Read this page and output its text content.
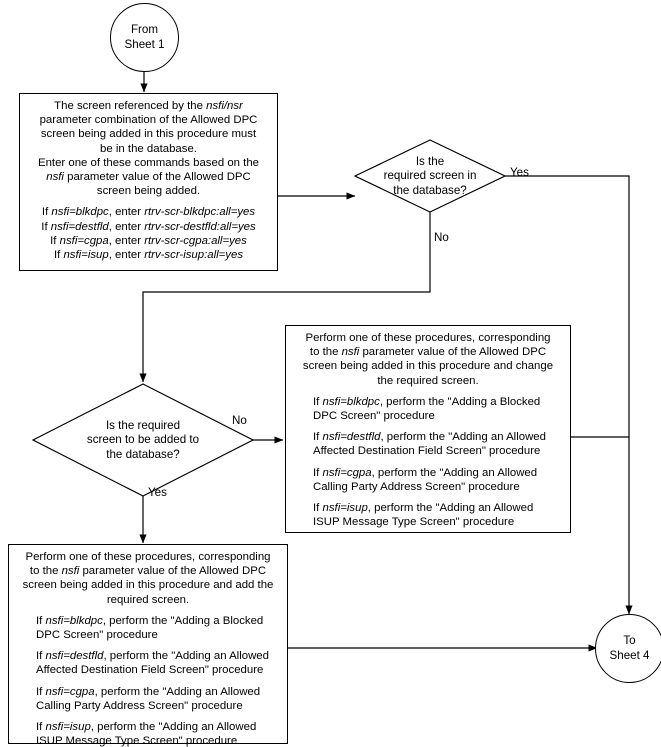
From
Sheet 1

The screen referenced by the nsfi/nsr

parameter combination of the Allowed DPC

screen being added in this procedure must

be in the database.

Enter one of these commands based on the

nsfi parameter value of the Allowed DPC

screen being added.

If nsfi=blkdpc, enter rtrv-scr-blkdpc:all=yes

If nsfi=destfld, enter rtrv-scr-destfld:all=yes

If nsfi=cgpa, enter rtrv-scr-cgpa:all=yes

If nsfi=isup, enter rtrv-scr-isup:all=yes

Is the
required screen in
the database?
Yes
No
Is the required
screen to be added to
the database?
No
Yes

Perform one of these procedures, corresponding

to the nsfi parameter value of the Allowed DPC

screen being added in this procedure and change

the required screen.

If nsfi=blkdpc, perform the "Adding a Blocked DPC Screen" procedure

If nsfi=destfld, perform the "Adding an Allowed Affected Destination Field Screen" procedure

If nsfi=cgpa, perform the "Adding an Allowed Calling Party Address Screen" procedure

If nsfi=isup, perform the "Adding an Allowed ISUP Message Type Screen" procedure

Perform one of these procedures, corresponding

to the nsfi parameter value of the Allowed DPC

screen being added in this procedure and add the

required screen.

If nsfi=blkdpc, perform the "Adding a Blocked DPC Screen" procedure

If nsfi=destfld, perform the "Adding an Allowed Affected Destination Field Screen" procedure

If nsfi=cgpa, perform the "Adding an Allowed Calling Party Address Screen" procedure

If nsfi=isup, perform the "Adding an Allowed ISUP Message Type Screen" procedure

To
Sheet 4
